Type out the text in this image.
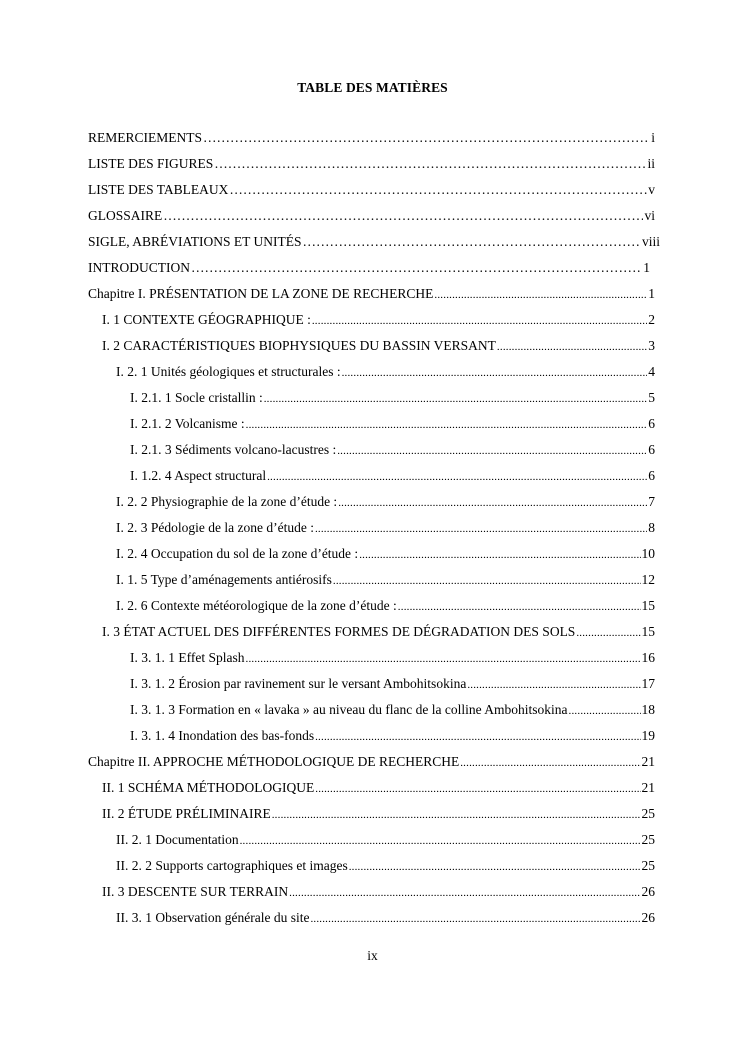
TABLE DES MATIÈRES
REMERCIEMENTS …………………………………………………………………………………………………………………………………………	i
LISTE DES FIGURES …………………………………………………………………………………………………………………………………………	ii
LISTE DES TABLEAUX …………………………………………………………………………………………………………………………………………	v
GLOSSAIRE …………………………………………………………………………………………………………………………………………	vi
SIGLE, ABRÉVIATIONS ET UNITÉS …………………………………………………………………………………………………………………………………………	viii
INTRODUCTION …………………………………………………………………………………………………………………………………………	1
Chapitre I. PRÉSENTATION DE LA ZONE DE RECHERCHE .....	1
I. 1 CONTEXTE GÉOGRAPHIQUE : .....	2
I. 2 CARACTÉRISTIQUES BIOPHYSIQUES DU BASSIN VERSANT .....	3
I. 2. 1 Unités géologiques et structurales : .....	4
I. 2.1. 1 Socle cristallin : .....	5
I. 2.1. 2 Volcanisme : .....	6
I. 2.1. 3 Sédiments volcano-lacustres : .....	6
I. 1.2. 4 Aspect structural .....	6
I. 2. 2 Physiographie de la zone d’étude : .....	7
I. 2. 3 Pédologie de la zone d’étude : .....	8
I. 2. 4 Occupation du sol de la zone d’étude : .....	10
I. 1. 5 Type d’aménagements antiérosifs .....	12
I. 2. 6 Contexte météorologique de la zone d’étude : .....	15
I. 3 ÉTAT ACTUEL DES DIFFÉRENTES FORMES DE DÉGRADATION DES SOLS .....	15
I. 3. 1. 1 Effet Splash .....	16
I. 3. 1. 2 Érosion par ravinement sur le versant Ambohitsokina .....	17
I. 3. 1. 3 Formation en « lavaka » au niveau du flanc de la colline Ambohitsokina .....	18
I. 3. 1. 4 Inondation des bas-fonds .....	19
Chapitre II. APPROCHE MÉTHODOLOGIQUE DE RECHERCHE .....	21
II. 1 SCHÉMA MÉTHODOLOGIQUE .....	21
II. 2 ÉTUDE PRÉLIMINAIRE .....	25
II. 2. 1 Documentation .....	25
II. 2. 2 Supports cartographiques et images .....	25
II. 3 DESCENTE SUR TERRAIN .....	26
II. 3. 1 Observation générale du site .....	26
ix
